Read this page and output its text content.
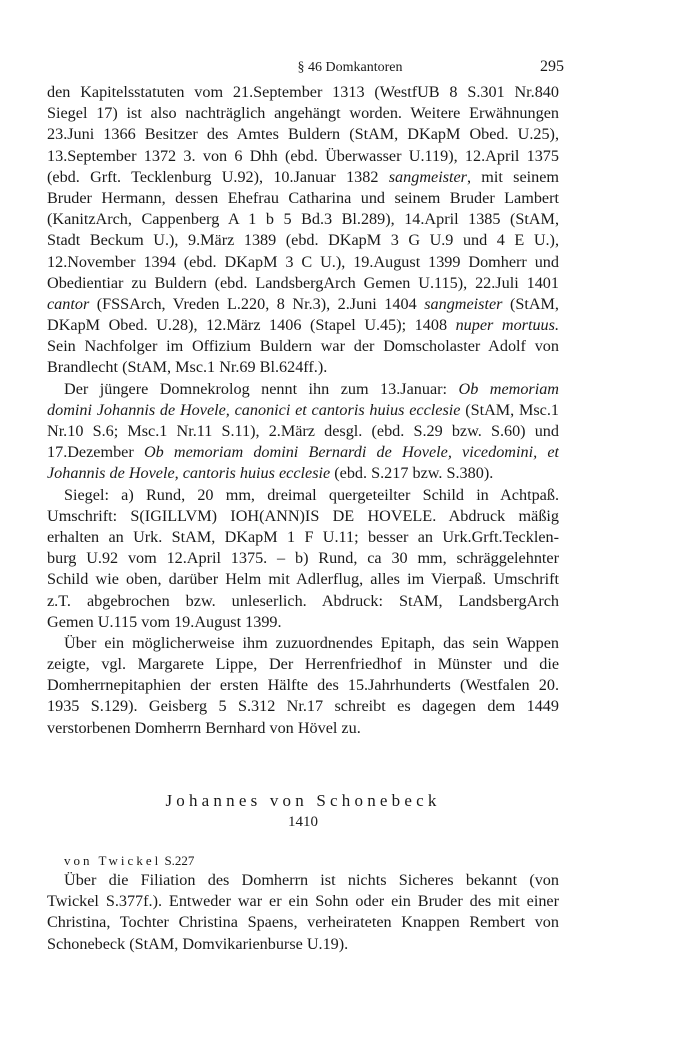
§ 46 Domkantoren	295
den Kapitelsstatuten vom 21.September 1313 (WestfUB 8 S.301 Nr.840
Siegel 17) ist also nachträglich angehängt worden. Weitere Erwähnungen
23.Juni 1366 Besitzer des Amtes Buldern (StAM, DKapM Obed. U.25),
13.September 1372 3. von 6 Dhh (ebd. Überwasser U.119), 12.April 1375
(ebd. Grft. Tecklenburg U.92), 10.Januar 1382 sangmeister, mit seinem
Bruder Hermann, dessen Ehefrau Catharina und seinem Bruder Lambert
(KanitzArch, Cappenberg A 1 b 5 Bd.3 Bl.289), 14.April 1385 (StAM,
Stadt Beckum U.), 9.März 1389 (ebd. DKapM 3 G U.9 und 4 E U.),
12.November 1394 (ebd. DKapM 3 C U.), 19.August 1399 Domherr und
Obedientiar zu Buldern (ebd. LandsbergArch Gemen U.115), 22.Juli 1401
cantor (FSSArch, Vreden L.220, 8 Nr.3), 2.Juni 1404 sangmeister (StAM,
DKapM Obed. U.28), 12.März 1406 (Stapel U.45); 1408 nuper mortuus.
Sein Nachfolger im Offizium Buldern war der Domscholaster Adolf von
Brandlecht (StAM, Msc.1 Nr.69 Bl.624ff.).
Der jüngere Domnekrolog nennt ihn zum 13.Januar: Ob memoriam
domini Johannis de Hovele, canonici et cantoris huius ecclesie (StAM, Msc.1
Nr.10 S.6; Msc.1 Nr.11 S.11), 2.März desgl. (ebd. S.29 bzw. S.60) und
17.Dezember Ob memoriam domini Bernardi de Hovele, vicedomini, et
Johannis de Hovele, cantoris huius ecclesie (ebd. S.217 bzw. S.380).
Siegel: a) Rund, 20 mm, dreimal quergeteilter Schild in Achtpaß.
Umschrift: S(IGILLVM) IOH(ANN)IS DE HOVELE. Abdruck mäßig
erhalten an Urk. StAM, DKapM 1 F U.11; besser an Urk.Grft.Tecklen-
burg U.92 vom 12.April 1375. – b) Rund, ca 30 mm, schräggelehnter
Schild wie oben, darüber Helm mit Adlerflug, alles im Vierpaß. Umschrift
z.T. abgebrochen bzw. unleserlich. Abdruck: StAM, LandsbergArch
Gemen U.115 vom 19.August 1399.
Über ein möglicherweise ihm zuzuordnendes Epitaph, das sein Wappen
zeigte, vgl. Margarete Lippe, Der Herrenfriedhof in Münster und die
Domherrnepitaphien der ersten Hälfte des 15.Jahrhunderts (Westfalen 20.
1935 S.129). Geisberg 5 S.312 Nr.17 schreibt es dagegen dem 1449
verstorbenen Domherrn Bernhard von Hövel zu.
Johannes von Schonebeck
1410
von Twickel S.227
Über die Filiation des Domherrn ist nichts Sicheres bekannt (von
Twickel S.377f.). Entweder war er ein Sohn oder ein Bruder des mit einer
Christina, Tochter Christina Spaens, verheirateten Knappen Rembert von
Schonebeck (StAM, Domvikarienburse U.19).
